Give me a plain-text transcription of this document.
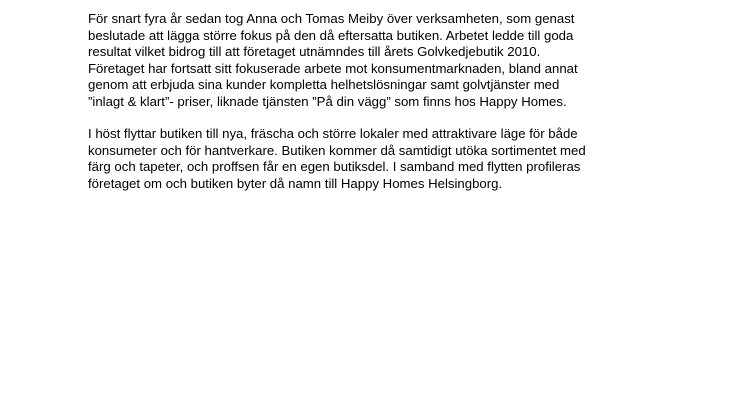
För snart fyra år sedan tog Anna och Tomas Meiby över verksamheten, som genast
beslutade att lägga större fokus på den då eftersatta butiken. Arbetet ledde till goda
resultat vilket bidrog till att företaget utnämndes till årets Golvkedjebutik 2010.
Företaget har fortsatt sitt fokuserade arbete mot konsumentmarknaden, bland annat
genom att erbjuda sina kunder kompletta helhetslösningar samt golvtjänster med
”inlagt & klart”- priser, liknade tjänsten ”På din vägg” som finns hos Happy Homes.

I höst flyttar butiken till nya, fräscha och större lokaler med attraktivare läge för både
konsumeter och för hantverkare. Butiken kommer då samtidigt utöka sortimentet med
färg och tapeter, och proffsen får en egen butiksdel. I samband med flytten profileras
företaget om och butiken byter då namn till Happy Homes Helsingborg.
